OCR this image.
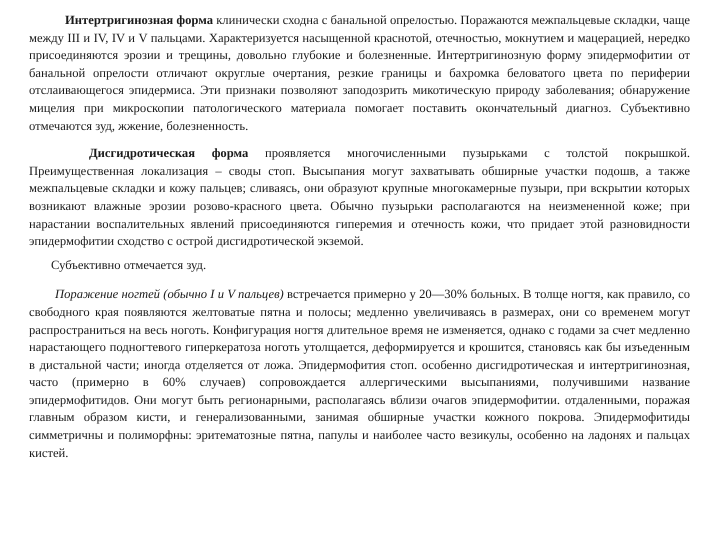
Интертригинозная форма клинически сходна с банальной опрелостью. Поражаются межпальцевые складки, чаще между III и IV, IV и V пальцами. Характеризуется насыщенной краснотой, отечностью, мокнутием и мацерацией, нередко присоединяются эрозии и трещины, довольно глубокие и болезненные. Интертригинозную форму эпидермофитии от банальной опрелости отличают округлые очертания, резкие границы и бахромка беловатого цвета по периферии отслаивающегося эпидермиса. Эти признаки позволяют заподозрить микотическую природу заболевания; обнаружение мицелия при микроскопии патологического материала помогает поставить окончательный диагноз. Субъективно отмечаются зуд, жжение, болезненность.

Дисгидротическая форма проявляется многочисленными пузырьками с толстой покрышкой. Преимущественная локализация – своды стоп. Высыпания могут захватывать обширные участки подошв, а также межпальцевые складки и кожу пальцев; сливаясь, они образуют крупные многокамерные пузыри, при вскрытии которых возникают влажные эрозии розово-красного цвета. Обычно пузырьки располагаются на неизмененной коже; при нарастании воспалительных явлений присоединяются гиперемия и отечность кожи, что придает этой разновидности эпидермофитии сходство с острой дисгидротической экземой.

Субъективно отмечается зуд.

Поражение ногтей (обычно I и V пальцев) встречается примерно у 20—30% больных. В толще ногтя, как правило, со свободного края появляются желтоватые пятна и полосы; медленно увеличиваясь в размерах, они со временем могут распространиться на весь ноготь. Конфигурация ногтя длительное время не изменяется, однако с годами за счет медленно нарастающего подногтевого гиперкератоза ноготь утолщается, деформируется и крошится, становясь как бы изъеденным в дистальной части; иногда отделяется от ложа. Эпидермофития стоп. особенно дисгидротическая и интертригинозная, часто (примерно в 60% случаев) сопровождается аллергическими высыпаниями, получившими название эпидермофитидов. Они могут быть регионарными, располагаясь вблизи очагов эпидермофитии. отдаленными, поражая главным образом кисти, и генерализованными, занимая обширные участки кожного покрова. Эпидермофитиды симметричны и полиморфны: эритематозные пятна, папулы и наиболее часто везикулы, особенно на ладонях и пальцах кистей.
